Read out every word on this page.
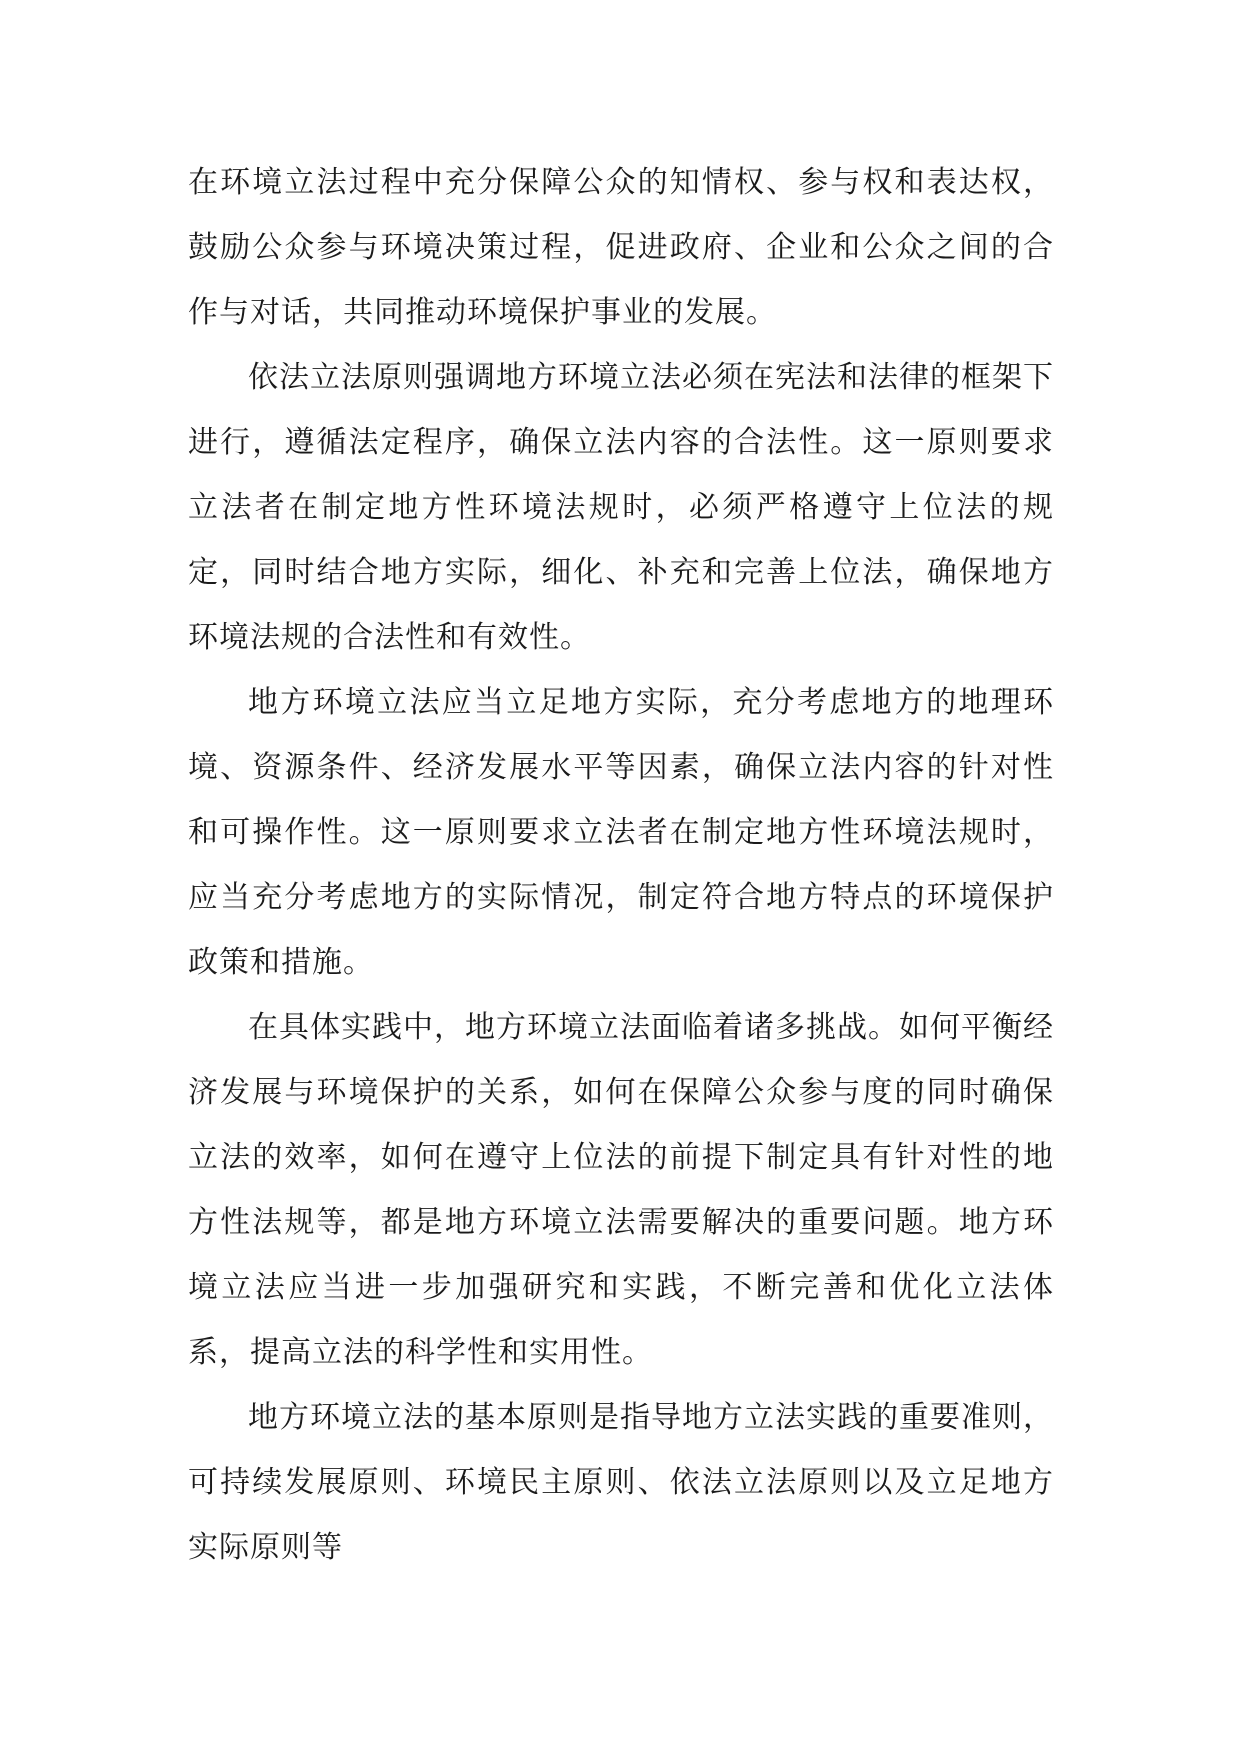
在环境立法过程中充分保障公众的知情权、参与权和表达权，鼓励公众参与环境决策过程，促进政府、企业和公众之间的合作与对话，共同推动环境保护事业的发展。

依法立法原则强调地方环境立法必须在宪法和法律的框架下进行，遵循法定程序，确保立法内容的合法性。这一原则要求立法者在制定地方性环境法规时，必须严格遵守上位法的规定，同时结合地方实际，细化、补充和完善上位法，确保地方环境法规的合法性和有效性。

地方环境立法应当立足地方实际，充分考虑地方的地理环境、资源条件、经济发展水平等因素，确保立法内容的针对性和可操作性。这一原则要求立法者在制定地方性环境法规时，应当充分考虑地方的实际情况，制定符合地方特点的环境保护政策和措施。

在具体实践中，地方环境立法面临着诸多挑战。如何平衡经济发展与环境保护的关系，如何在保障公众参与度的同时确保立法的效率，如何在遵守上位法的前提下制定具有针对性的地方性法规等，都是地方环境立法需要解决的重要问题。地方环境立法应当进一步加强研究和实践，不断完善和优化立法体系，提高立法的科学性和实用性。

地方环境立法的基本原则是指导地方立法实践的重要准则，可持续发展原则、环境民主原则、依法立法原则以及立足地方实际原则等
